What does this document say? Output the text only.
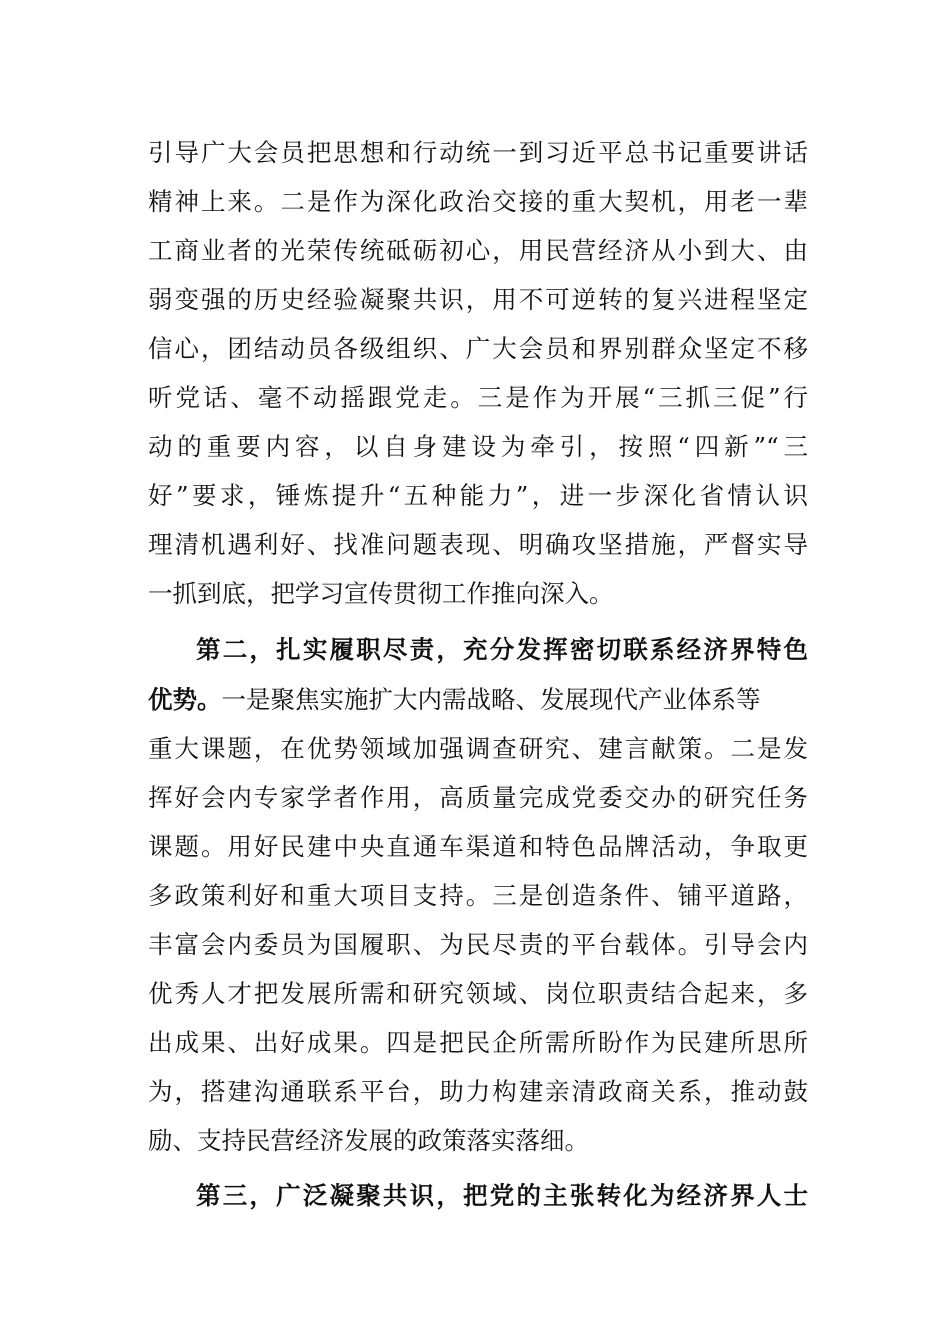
引导广大会员把思想和行动统一到习近平总书记重要讲话
精神上来。二是作为深化政治交接的重大契机，用老一辈
工商业者的光荣传统砥砺初心，用民营经济从小到大、由
弱变强的历史经验凝聚共识，用不可逆转的复兴进程坚定
信心，团结动员各级组织、广大会员和界别群众坚定不移
听党话、毫不动摇跟党走。三是作为开展“三抓三促”行
动的重要内容，以自身建设为牵引，按照“四新”“三
好”要求，锤炼提升“五种能力”，进一步深化省情认识
理清机遇利好、找准问题表现、明确攻坚措施，严督实导
一抓到底，把学习宣传贯彻工作推向深入。
第二，扎实履职尽责，充分发挥密切联系经济界特色
优势。一是聚焦实施扩大内需战略、发展现代产业体系等
重大课题，在优势领域加强调查研究、建言献策。二是发
挥好会内专家学者作用，高质量完成党委交办的研究任务
课题。用好民建中央直通车渠道和特色品牌活动，争取更
多政策利好和重大项目支持。三是创造条件、铺平道路，
丰富会内委员为国履职、为民尽责的平台载体。引导会内
优秀人才把发展所需和研究领域、岗位职责结合起来，多
出成果、出好成果。四是把民企所需所盼作为民建所思所
为，搭建沟通联系平台，助力构建亲清政商关系，推动鼓
励、支持民营经济发展的政策落实落细。
第三，广泛凝聚共识，把党的主张转化为经济界人士
